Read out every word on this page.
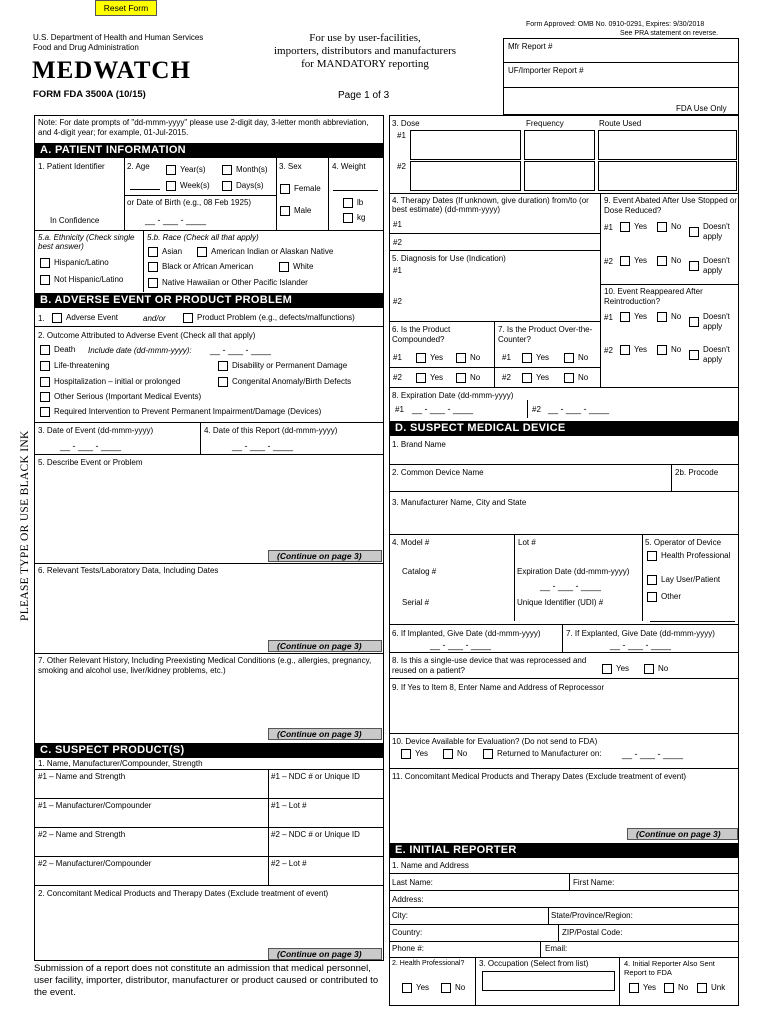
Reset Form
U.S. Department of Health and Human Services
Food and Drug Administration
MEDWATCH
FORM FDA 3500A (10/15)
For use by user-facilities,
importers, distributors and manufacturers
for MANDATORY reporting
Page 1 of 3
Form Approved: OMB No. 0910-0291, Expires: 9/30/2018
See PRA statement on reverse.
Mfr Report #
UF/Importer Report #
FDA Use Only
PLEASE TYPE OR USE BLACK INK
Note: For date prompts of "dd-mmm-yyyy" please use 2-digit day, 3-letter month abbreviation, and 4-digit year; for example, 01-Jul-2015.
A. PATIENT INFORMATION
1. Patient Identifier	2. Age	Year(s)	Month(s)
Week(s)	Days(s)
or Date of Birth (e.g., 08 Feb 1925)
__ - ___ - ____
In Confidence
3. Sex
Female
Male
4. Weight
lb
kg
5.a. Ethnicity (Check single best answer)
Hispanic/Latino
Not Hispanic/Latino
5.b. Race (Check all that apply)
Asian	American Indian or Alaskan Native
Black or African American	White
Native Hawaiian or Other Pacific Islander
B. ADVERSE EVENT OR PRODUCT PROBLEM
1.	Adverse Event	and/or	Product Problem (e.g., defects/malfunctions)
2. Outcome Attributed to Adverse Event (Check all that apply)
Death Include date (dd-mmm-yyyy): __ - ___ - ____
Life-threatening	Disability or Permanent Damage
Hospitalization – initial or prolonged	Congenital Anomaly/Birth Defects
Other Serious (Important Medical Events)
Required Intervention to Prevent Permanent Impairment/Damage (Devices)
3. Date of Event (dd-mmm-yyyy)
__ - ___ - ____
4. Date of this Report (dd-mmm-yyyy)
__ - ___ - ____
5. Describe Event or Problem
(Continue on page 3)
6. Relevant Tests/Laboratory Data, Including Dates
(Continue on page 3)
7. Other Relevant History, Including Preexisting Medical Conditions (e.g., allergies, pregnancy, smoking and alcohol use, liver/kidney problems, etc.)
(Continue on page 3)
C. SUSPECT PRODUCT(S)
1. Name, Manufacturer/Compounder, Strength
#1 – Name and Strength	#1 – NDC # or Unique ID
#1 – Manufacturer/Compounder	#1 – Lot #
#2 – Name and Strength	#2 – NDC # or Unique ID
#2 – Manufacturer/Compounder	#2 – Lot #
2. Concomitant Medical Products and Therapy Dates (Exclude treatment of event)
(Continue on page 3)
Submission of a report does not constitute an admission that medical personnel, user facility, importer, distributor, manufacturer or product caused or contributed to the event.
3. Dose	Frequency	Route Used
#1
#2
4. Therapy Dates (If unknown, give duration) from/to (or best estimate) (dd-mmm-yyyy)
#1
#2
9. Event Abated After Use Stopped or Dose Reduced?
#1	Yes	No	Doesn't apply
#2	Yes	No	Doesn't apply
10. Event Reappeared After Reintroduction?
#1	Yes	No	Doesn't apply
#2	Yes	No	Doesn't apply
5. Diagnosis for Use (Indication)
#1
#2
6. Is the Product Compounded?
7. Is the Product Over-the-Counter?
#1	Yes	No	#1	Yes	No
#2	Yes	No	#2	Yes	No
8. Expiration Date (dd-mmm-yyyy)
#1 __ - ___ - ____	#2 __ - ___ - ____
D. SUSPECT MEDICAL DEVICE
1. Brand Name
2. Common Device Name	2b. Procode
3. Manufacturer Name, City and State
4. Model #	Lot #	5. Operator of Device
Health Professional
Lay User/Patient
Other
Catalog #	Expiration Date (dd-mmm-yyyy)
__ - ___ - ____
Serial #	Unique Identifier (UDI) #
6. If Implanted, Give Date (dd-mmm-yyyy)
__ - ___ - ____
7. If Explanted, Give Date (dd-mmm-yyyy)
__ - ___ - ____
8. Is this a single-use device that was reprocessed and reused on a patient?	Yes	No
9. If Yes to Item 8, Enter Name and Address of Reprocessor
10. Device Available for Evaluation? (Do not send to FDA)
Yes	No	Returned to Manufacturer on: __ - ___ - ____
11. Concomitant Medical Products and Therapy Dates (Exclude treatment of event)
(Continue on page 3)
E. INITIAL REPORTER
1. Name and Address
Last Name:	First Name:
Address:
City:	State/Province/Region:
Country:	ZIP/Postal Code:
Phone #:	Email:
2. Health Professional?
Yes	No
3. Occupation (Select from list)	4. Initial Reporter Also Sent Report to FDA
Yes	No	Unk
